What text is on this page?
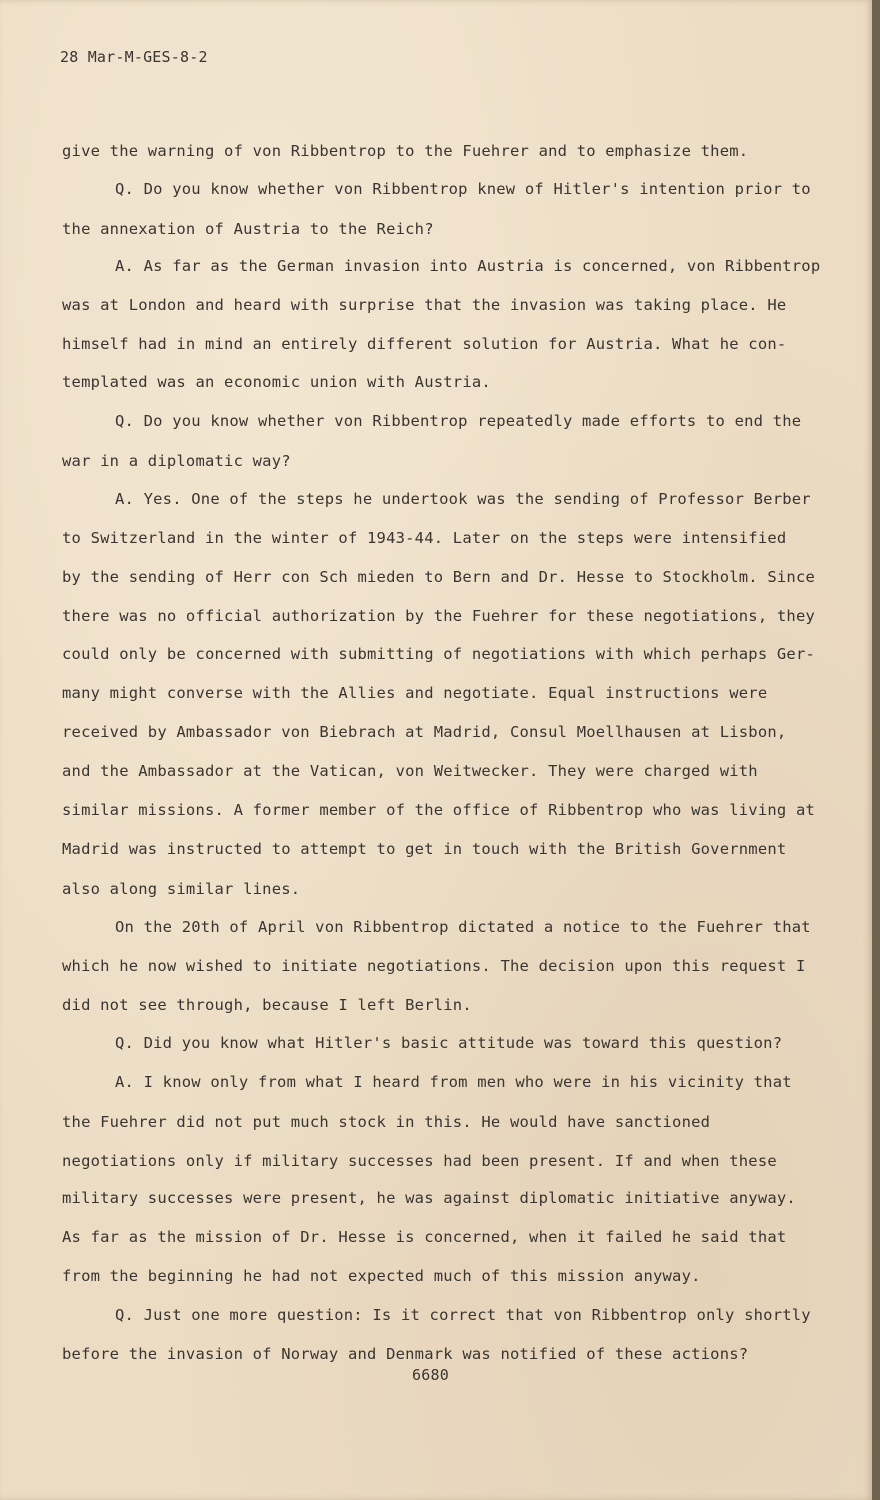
28 Mar-M-GES-8-2
give the warning of von Ribbentrop to the Fuehrer and to emphasize them.
Q. Do you know whether von Ribbentrop knew of Hitler's intention prior to
the annexation of Austria to the Reich?
A. As far as the German invasion into Austria is concerned, von Ribbentrop
was at London and heard with surprise that the invasion was taking place. He
himself had in mind an entirely different solution for Austria. What he con-
templated was an economic union with Austria.
Q. Do you know whether von Ribbentrop repeatedly made efforts to end the
war in a diplomatic way?
A. Yes. One of the steps he undertook was the sending of Professor Berber
to Switzerland in the winter of 1943-44. Later on the steps were intensified
by the sending of Herr con Sch mieden to Bern and Dr. Hesse to Stockholm. Since
there was no official authorization by the Fuehrer for these negotiations, they
could only be concerned with submitting of negotiations with which perhaps Ger-
many might converse with the Allies and negotiate. Equal instructions were
received by Ambassador von Biebrach at Madrid, Consul Moellhausen at Lisbon,
and the Ambassador at the Vatican, von Weitwecker. They were charged with
similar missions. A former member of the office of Ribbentrop who was living at
Madrid was instructed to attempt to get in touch with the British Government
also along similar lines.
On the 20th of April von Ribbentrop dictated a notice to the Fuehrer that
which he now wished to initiate negotiations. The decision upon this request I
did not see through, because I left Berlin.
Q. Did you know what Hitler's basic attitude was toward this question?
A. I know only from what I heard from men who were in his vicinity that
the Fuehrer did not put much stock in this. He would have sanctioned
negotiations only if military successes had been present. If and when these
military successes were present, he was against diplomatic initiative anyway.
As far as the mission of Dr. Hesse is concerned, when it failed he said that
from the beginning he had not expected much of this mission anyway.
Q. Just one more question: Is it correct that von Ribbentrop only shortly
before the invasion of Norway and Denmark was notified of these actions?
6680
